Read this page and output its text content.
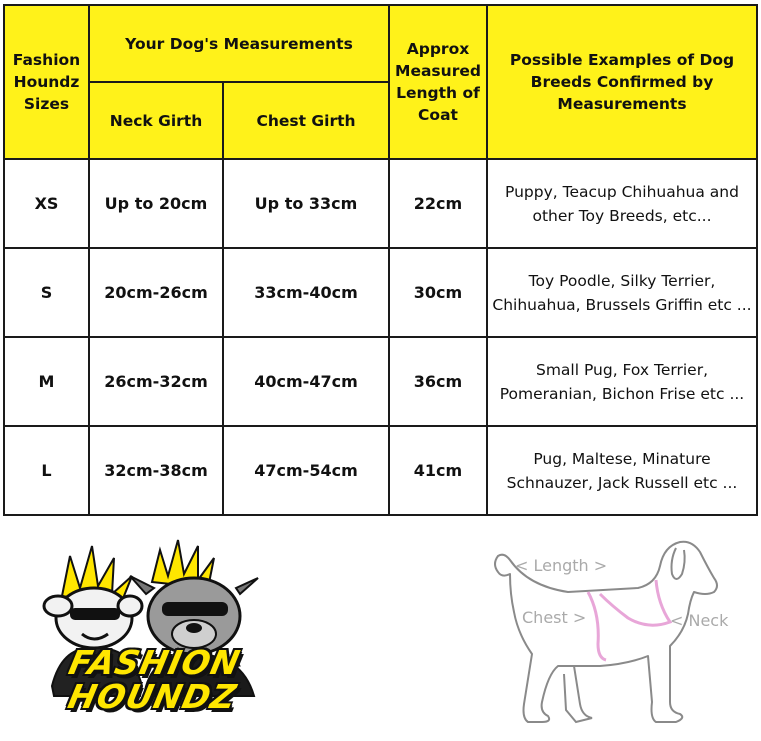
Fashion Houndz Sizes	Your Dog's Measurements		Approx Measured Length of Coat	Possible Examples of Dog Breeds Confirmed by Measurements

	Neck Girth	Chest Girth		
XS	Up to 20cm	Up to 33cm	22cm	Puppy, Teacup Chihuahua and other Toy Breeds, etc...
S	20cm-26cm	33cm-40cm	30cm	Toy Poodle, Silky Terrier, Chihuahua, Brussels Griffin etc ...
M	26cm-32cm	40cm-47cm	36cm	Small Pug, Fox Terrier, Pomeranian, Bichon Frise etc ...
L	32cm-38cm	47cm-54cm	41cm	Pug, Maltese, Minature Schnauzer, Jack Russell etc ...
FASHION
HOUNDZ
< Length >
Chest >	< Neck
